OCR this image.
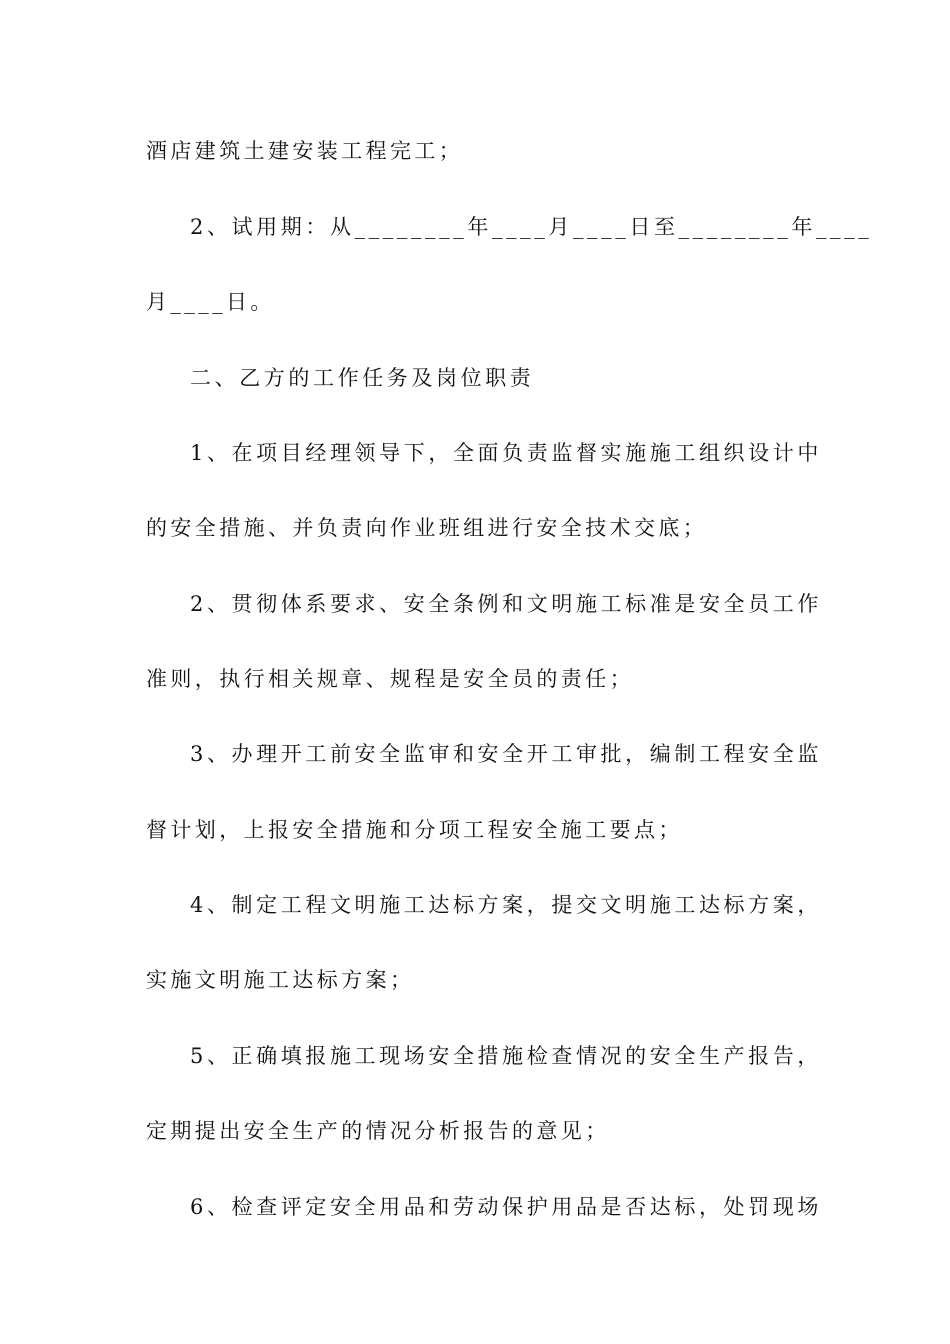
酒店建筑土建安装工程完工；
2、试用期：从________年____月____日至________年____
月____日。
二、乙方的工作任务及岗位职责
1、在项目经理领导下，全面负责监督实施施工组织设计中
的安全措施、并负责向作业班组进行安全技术交底；
2、贯彻体系要求、安全条例和文明施工标准是安全员工作
准则，执行相关规章、规程是安全员的责任；
3、办理开工前安全监审和安全开工审批，编制工程安全监
督计划，上报安全措施和分项工程安全施工要点；
4、制定工程文明施工达标方案，提交文明施工达标方案，
实施文明施工达标方案；
5、正确填报施工现场安全措施检查情况的安全生产报告，
定期提出安全生产的情况分析报告的意见；
6、检查评定安全用品和劳动保护用品是否达标，处罚现场
